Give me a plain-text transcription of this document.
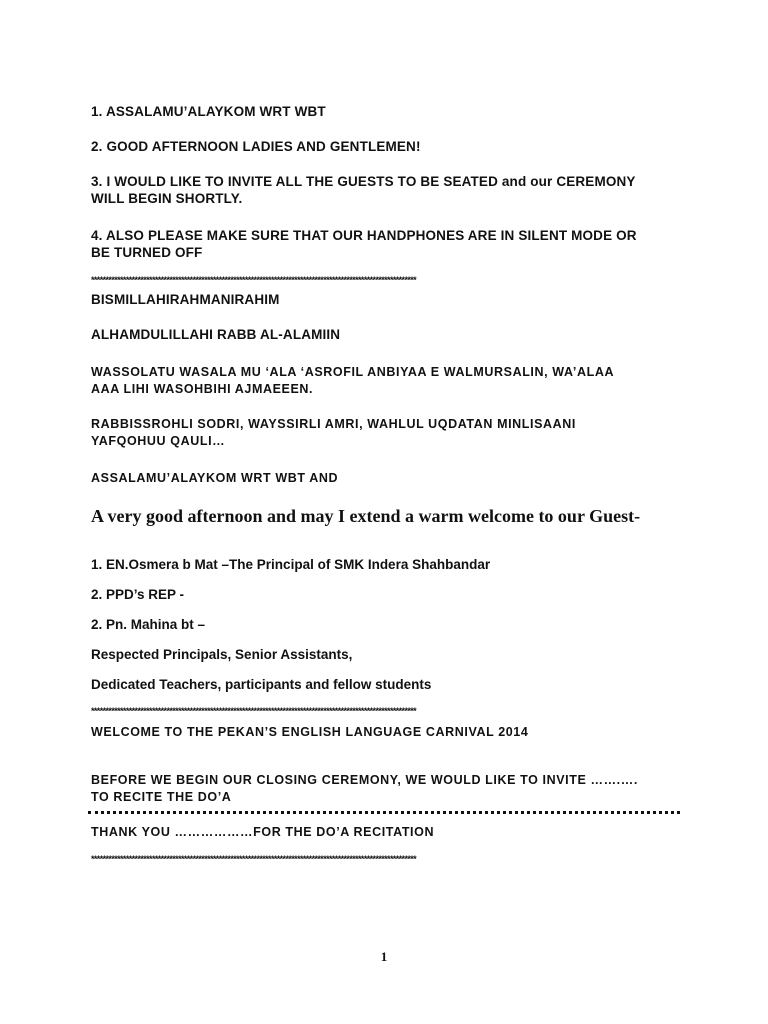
1. ASSALAMU’ALAYKOM WRT WBT

2. GOOD AFTERNOON LADIES AND GENTLEMEN!

3. I WOULD LIKE TO INVITE ALL THE GUESTS TO BE SEATED and our CEREMONY

WILL BEGIN SHORTLY.

4. ALSO PLEASE MAKE SURE THAT OUR HANDPHONES ARE IN SILENT MODE OR

BE TURNED OFF

****************************************************************************************************************

BISMILLAHIRAHMANIRAHIM

ALHAMDULILLAHI RABB AL-ALAMIIN

WASSOLATU WASALA MU ‘ALA ‘ASROFIL ANBIYAA E WALMURSALIN, WA’ALAA

AAA LIHI WASOHBIHI AJMAEEEN.

RABBISSROHLI SODRI, WAYSSIRLI AMRI, WAHLUL UQDATAN MINLISAANI

YAFQOHUU QAULI…

ASSALAMU’ALAYKOM WRT WBT AND

A very good afternoon and may I extend a warm welcome to our Guest-

1. EN.Osmera b Mat –The Principal of SMK Indera Shahbandar

2. PPD’s REP -

2. Pn. Mahina bt –

Respected Principals, Senior Assistants,

Dedicated Teachers, participants and fellow students

****************************************************************************************************************

WELCOME TO THE PEKAN’S ENGLISH LANGUAGE CARNIVAL 2014

BEFORE WE BEGIN OUR CLOSING CEREMONY, WE WOULD LIKE TO INVITE …….….

TO RECITE THE DO’A

THANK YOU ………………FOR THE DO’A RECITATION

****************************************************************************************************************
1
